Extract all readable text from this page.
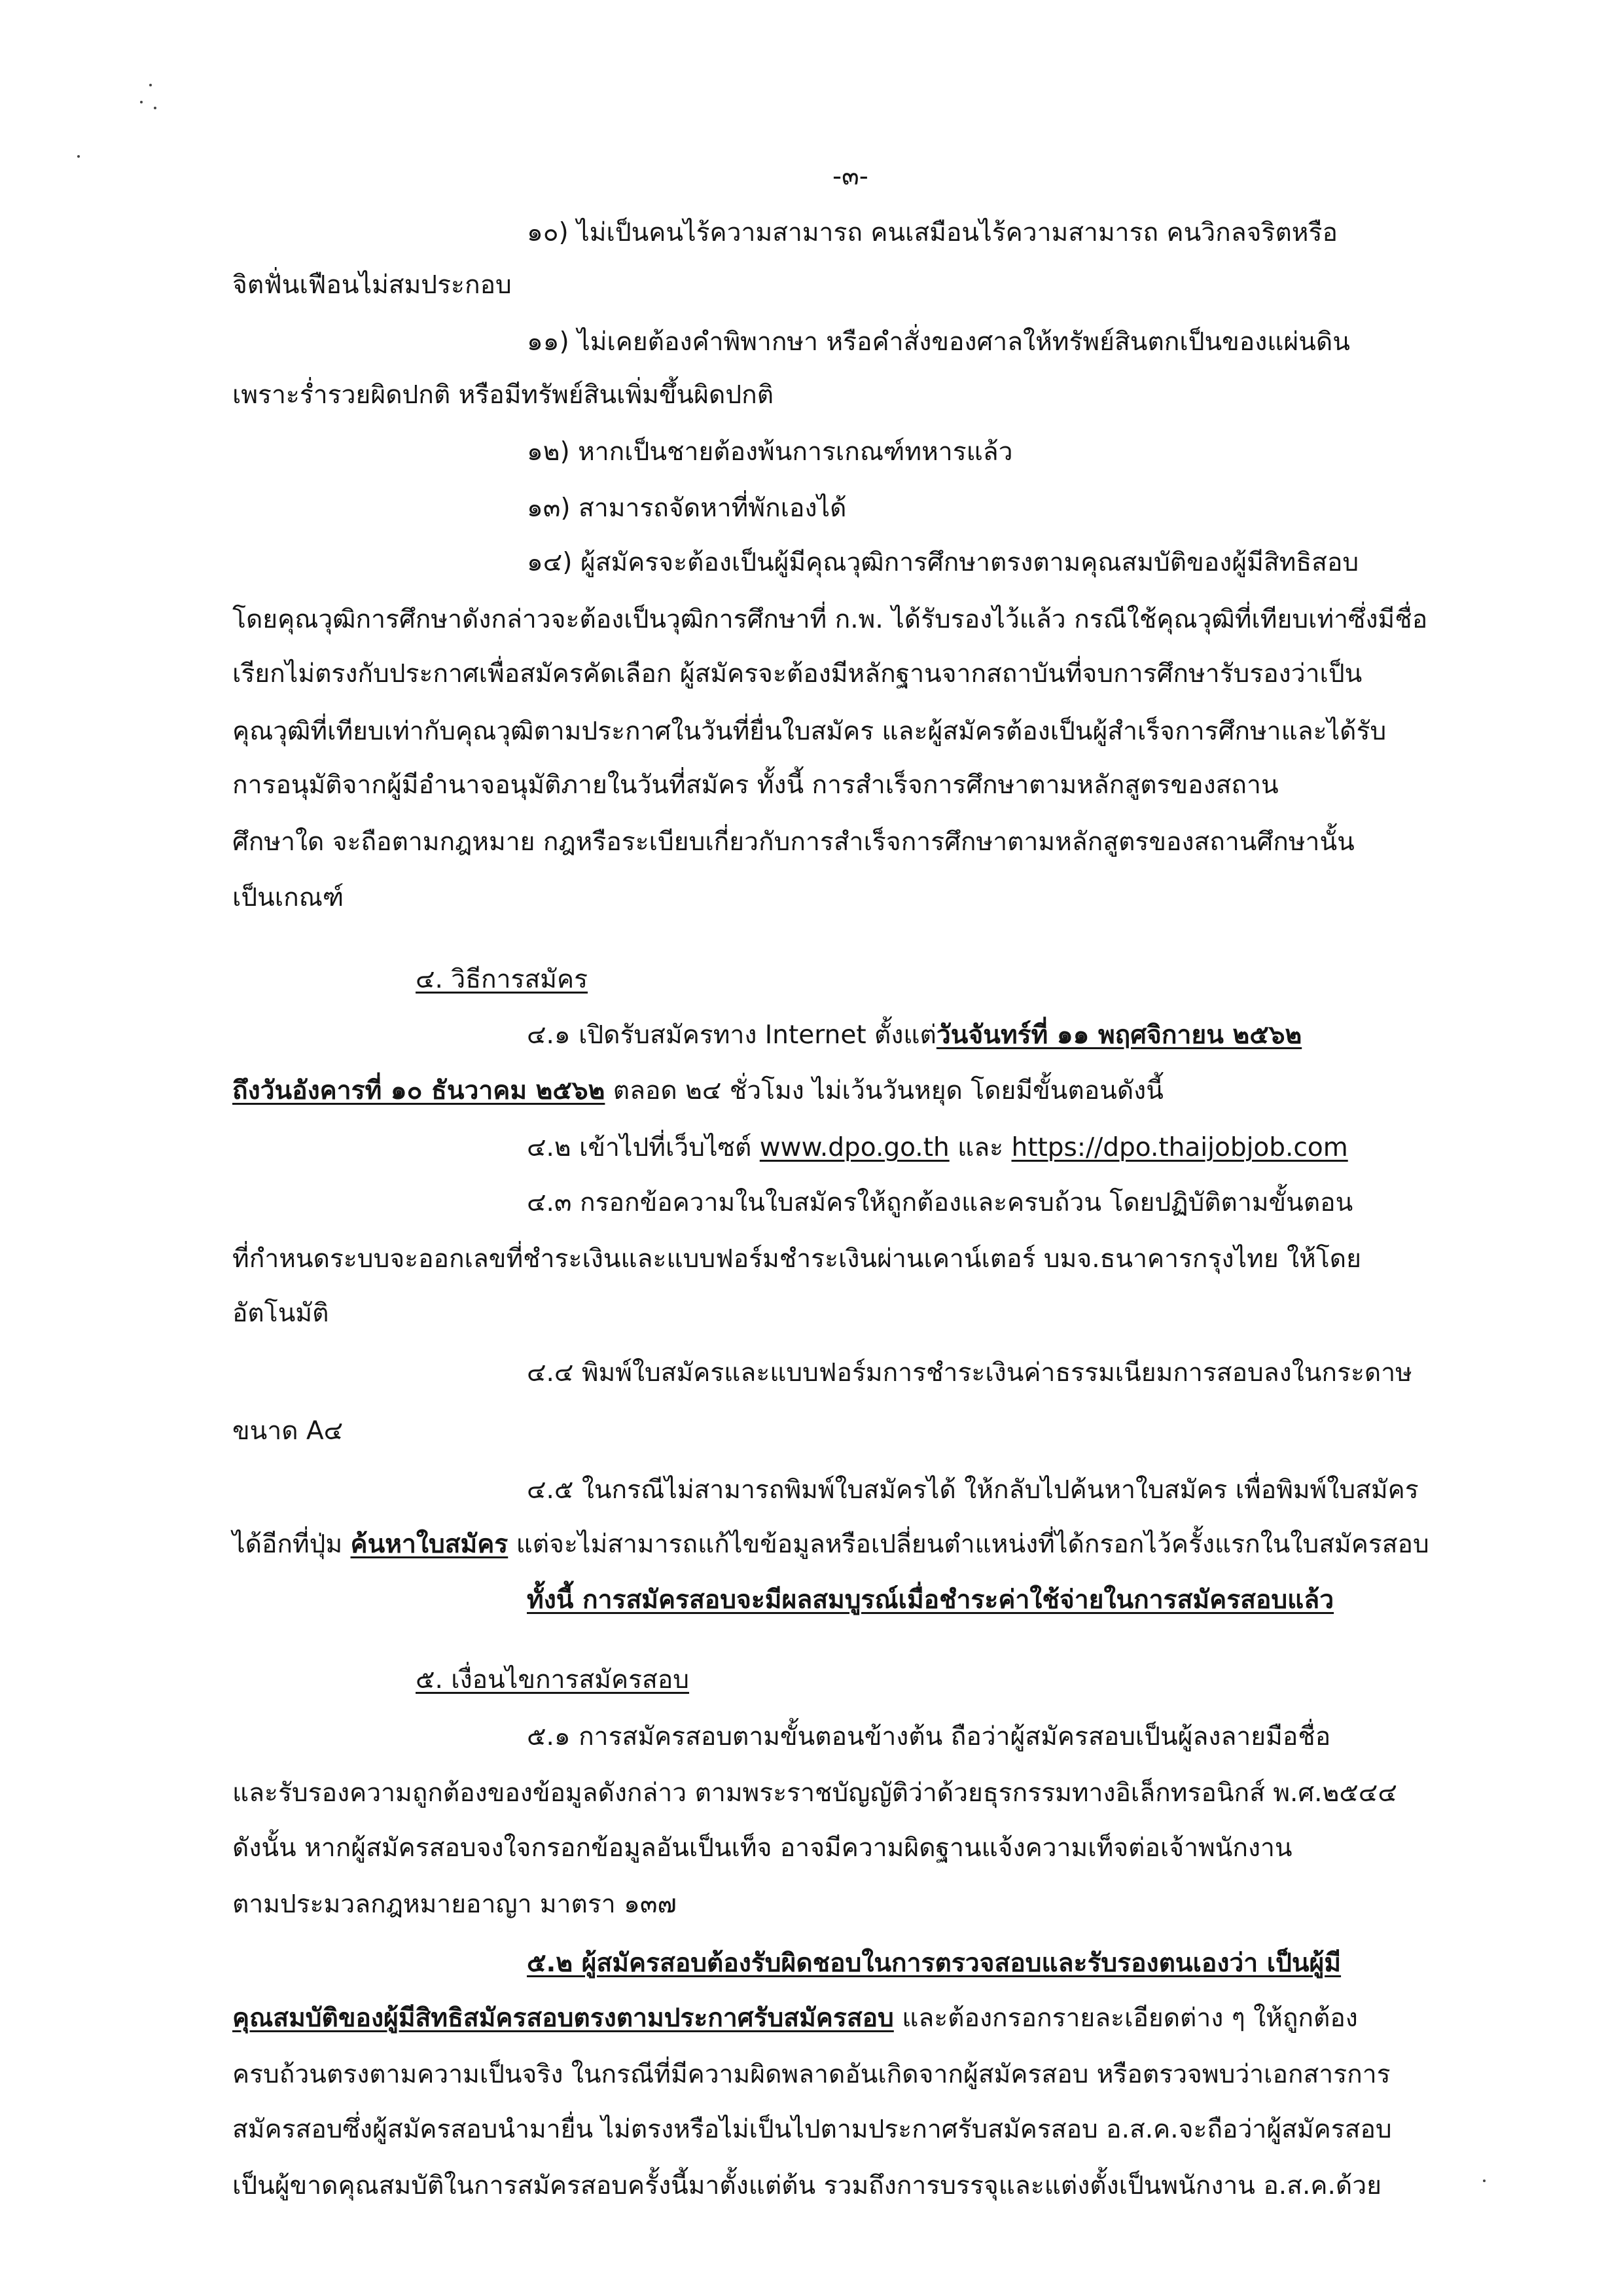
-๓-
๑๐) ไม่เป็นคนไร้ความสามารถ คนเสมือนไร้ความสามารถ คนวิกลจริตหรือ
จิตฟั่นเฟือนไม่สมประกอบ
๑๑) ไม่เคยต้องคำพิพากษา หรือคำสั่งของศาลให้ทรัพย์สินตกเป็นของแผ่นดิน
เพราะร่ำรวยผิดปกติ หรือมีทรัพย์สินเพิ่มขึ้นผิดปกติ
๑๒) หากเป็นชายต้องพ้นการเกณฑ์ทหารแล้ว
๑๓) สามารถจัดหาที่พักเองได้
๑๔) ผู้สมัครจะต้องเป็นผู้มีคุณวุฒิการศึกษาตรงตามคุณสมบัติของผู้มีสิทธิสอบ
โดยคุณวุฒิการศึกษาดังกล่าวจะต้องเป็นวุฒิการศึกษาที่ ก.พ. ได้รับรองไว้แล้ว กรณีใช้คุณวุฒิที่เทียบเท่าซึ่งมีชื่อ
เรียกไม่ตรงกับประกาศเพื่อสมัครคัดเลือก ผู้สมัครจะต้องมีหลักฐานจากสถาบันที่จบการศึกษารับรองว่าเป็น
คุณวุฒิที่เทียบเท่ากับคุณวุฒิตามประกาศในวันที่ยื่นใบสมัคร และผู้สมัครต้องเป็นผู้สำเร็จการศึกษาและได้รับ
การอนุมัติจากผู้มีอำนาจอนุมัติภายในวันที่สมัคร ทั้งนี้ การสำเร็จการศึกษาตามหลักสูตรของสถาน
ศึกษาใด จะถือตามกฎหมาย กฎหรือระเบียบเกี่ยวกับการสำเร็จการศึกษาตามหลักสูตรของสถานศึกษานั้น
เป็นเกณฑ์
๔. วิธีการสมัคร
๔.๑ เปิดรับสมัครทาง Internet ตั้งแต่วันจันทร์ที่ ๑๑ พฤศจิกายน ๒๕๖๒
ถึงวันอังคารที่ ๑๐ ธันวาคม ๒๕๖๒ ตลอด ๒๔ ชั่วโมง ไม่เว้นวันหยุด โดยมีขั้นตอนดังนี้
๔.๒ เข้าไปที่เว็บไซต์ www.dpo.go.th และ https://dpo.thaijobjob.com
๔.๓ กรอกข้อความในใบสมัครให้ถูกต้องและครบถ้วน โดยปฏิบัติตามขั้นตอน
ที่กำหนดระบบจะออกเลขที่ชำระเงินและแบบฟอร์มชำระเงินผ่านเคาน์เตอร์ บมจ.ธนาคารกรุงไทย ให้โดย
อัตโนมัติ
๔.๔ พิมพ์ใบสมัครและแบบฟอร์มการชำระเงินค่าธรรมเนียมการสอบลงในกระดาษ
ขนาด A๔
๔.๕ ในกรณีไม่สามารถพิมพ์ใบสมัครได้ ให้กลับไปค้นหาใบสมัคร เพื่อพิมพ์ใบสมัคร
ได้อีกที่ปุ่ม ค้นหาใบสมัคร แต่จะไม่สามารถแก้ไขข้อมูลหรือเปลี่ยนตำแหน่งที่ได้กรอกไว้ครั้งแรกในใบสมัครสอบ
ทั้งนี้ การสมัครสอบจะมีผลสมบูรณ์เมื่อชำระค่าใช้จ่ายในการสมัครสอบแล้ว
๕. เงื่อนไขการสมัครสอบ
๕.๑ การสมัครสอบตามขั้นตอนข้างต้น ถือว่าผู้สมัครสอบเป็นผู้ลงลายมือชื่อ
และรับรองความถูกต้องของข้อมูลดังกล่าว ตามพระราชบัญญัติว่าด้วยธุรกรรมทางอิเล็กทรอนิกส์ พ.ศ.๒๕๔๔
ดังนั้น หากผู้สมัครสอบจงใจกรอกข้อมูลอันเป็นเท็จ อาจมีความผิดฐานแจ้งความเท็จต่อเจ้าพนักงาน
ตามประมวลกฎหมายอาญา มาตรา ๑๓๗
๕.๒ ผู้สมัครสอบต้องรับผิดชอบในการตรวจสอบและรับรองตนเองว่า เป็นผู้มี
คุณสมบัติของผู้มีสิทธิสมัครสอบตรงตามประกาศรับสมัครสอบ และต้องกรอกรายละเอียดต่าง ๆ ให้ถูกต้อง
ครบถ้วนตรงตามความเป็นจริง ในกรณีที่มีความผิดพลาดอันเกิดจากผู้สมัครสอบ หรือตรวจพบว่าเอกสารการ
สมัครสอบซึ่งผู้สมัครสอบนำมายื่น ไม่ตรงหรือไม่เป็นไปตามประกาศรับสมัครสอบ อ.ส.ค.จะถือว่าผู้สมัครสอบ
เป็นผู้ขาดคุณสมบัติในการสมัครสอบครั้งนี้มาตั้งแต่ต้น รวมถึงการบรรจุและแต่งตั้งเป็นพนักงาน อ.ส.ค.ด้วย
